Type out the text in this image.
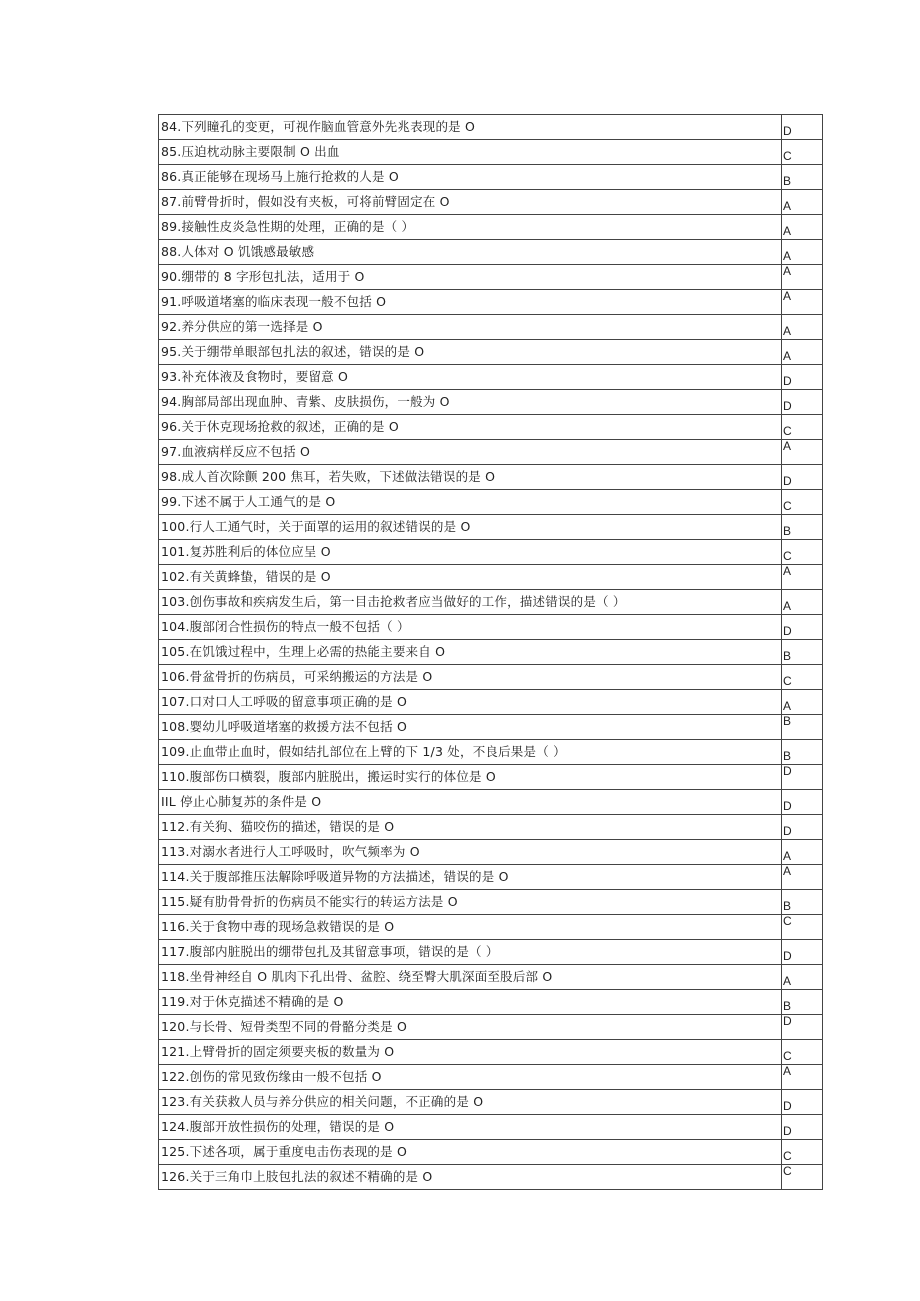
84.下列瞳孔的变更，可视作脑血管意外先兆表现的是 O	D

85.压迫枕动脉主要限制 O 出血	C

86.真正能够在现场马上施行抢救的人是 O	B

87.前臂骨折时，假如没有夹板，可将前臂固定在 O	A

89.接触性皮炎急性期的处理，正确的是（ ）	A

88.人体对 O 饥饿感最敏感	A

90.绷带的 8 字形包扎法，适用于 O	A

91.呼吸道堵塞的临床表现一般不包括 O	A

92.养分供应的第一选择是 O	A

95.关于绷带单眼部包扎法的叙述，错误的是 O	A

93.补充体液及食物时，要留意 O	D

94.胸部局部出现血肿、青紫、皮肤损伤，一般为 O	D

96.关于休克现场抢救的叙述，正确的是 O	C

97.血液病样反应不包括 O	A

98.成人首次除颤 200 焦耳，若失败，下述做法错误的是 O	D

99.下述不属于人工通气的是 O	C

100.行人工通气时，关于面罩的运用的叙述错误的是 O	B

101.复苏胜利后的体位应呈 O	C

102.有关黄蜂蛰，错误的是 O	A

103.创伤事故和疾病发生后，第一目击抢救者应当做好的工作，描述错误的是（ ）	A

104.腹部闭合性损伤的特点一般不包括（ ）	D

105.在饥饿过程中，生理上必需的热能主要来自 O	B

106.骨盆骨折的伤病员，可采纳搬运的方法是 O	C

107.口对口人工呼吸的留意事项正确的是 O	A

108.婴幼儿呼吸道堵塞的救援方法不包括 O	B

109.止血带止血时，假如结扎部位在上臂的下 1/3 处，不良后果是（ ）	B

110.腹部伤口横裂，腹部内脏脱出，搬运时实行的体位是 O	D

IIL 停止心肺复苏的条件是 O	D

112.有关狗、猫咬伤的描述，错误的是 O	D

113.对溺水者进行人工呼吸时，吹气频率为 O	A

114.关于腹部推压法解除呼吸道异物的方法描述，错误的是 O	A

115.疑有肋骨骨折的伤病员不能实行的转运方法是 O	B

116.关于食物中毒的现场急救错误的是 O	C

117.腹部内脏脱出的绷带包扎及其留意事项，错误的是（ ）	D

118.坐骨神经自 O 肌肉下孔出骨、盆腔、绕至臀大肌深面至股后部 O	A

119.对于休克描述不精确的是 O	B

120.与长骨、短骨类型不同的骨骼分类是 O	D

121.上臂骨折的固定须要夹板的数量为 O	C

122.创伤的常见致伤缘由一般不包括 O	A

123.有关获救人员与养分供应的相关问题，不正确的是 O	D

124.腹部开放性损伤的处理，错误的是 O	D

125.下述各项，属于重度电击伤表现的是 O	C

126.关于三角巾上肢包扎法的叙述不精确的是 O	C
